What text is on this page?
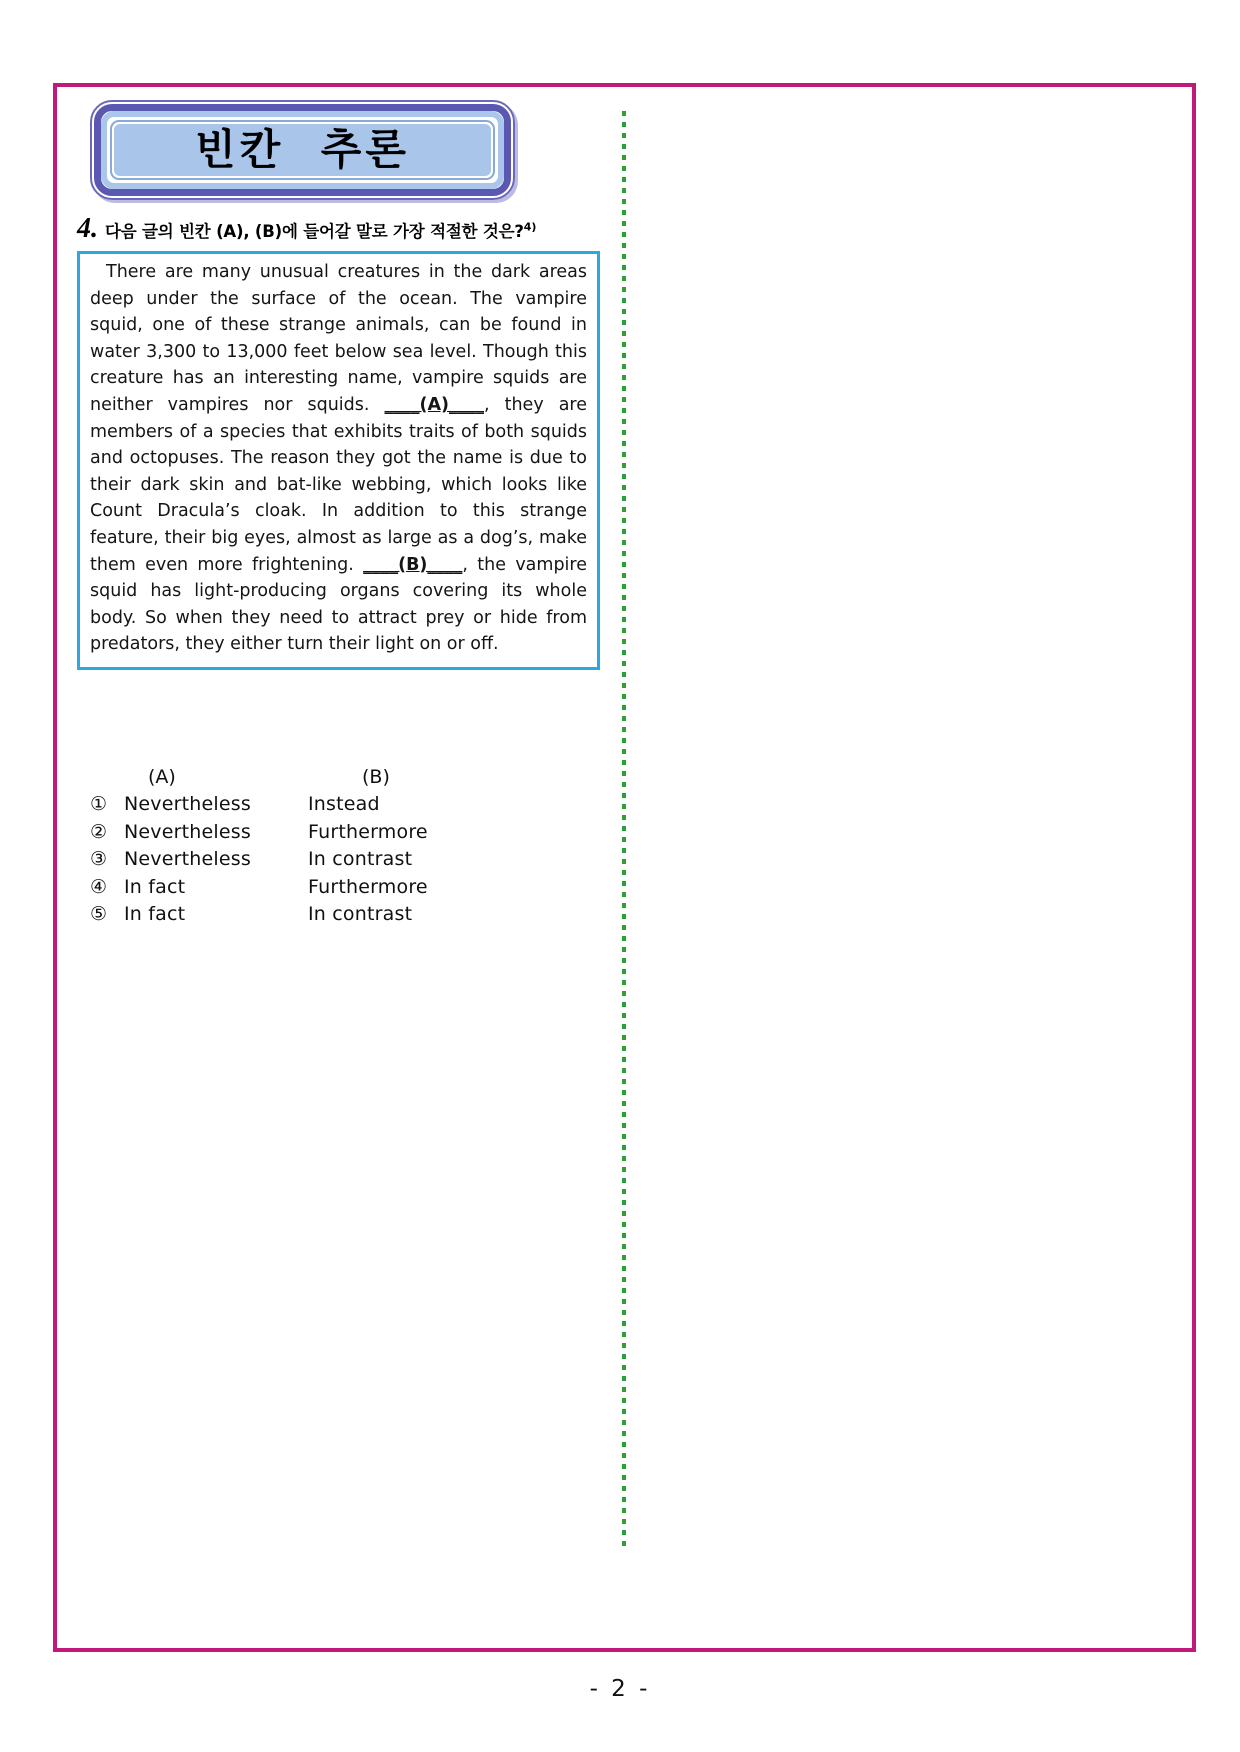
빈칸 추론
4. 다음 글의 빈칸 (A), (B)에 들어갈 말로 가장 적절한 것은?$^{4)}$

There are many unusual creatures in the dark areas deep under the surface of the ocean. The vampire squid, one of these strange animals, can be found in water 3,300 to 13,000 feet below sea level. Though this creature has an interesting name, vampire squids are neither vampires nor squids. ____(A)____, they are members of a species that exhibits traits of both squids and octopuses. The reason they got the name is due to their dark skin and bat-like webbing, which looks like Count Dracula’s cloak. In addition to this strange feature, their big eyes, almost as large as a dog’s, make them even more frightening. ____(B)____, the vampire squid has light-producing organs covering its whole body. So when they need to attract prey or hide from predators, they either turn their light on or off.

(A)	(B)
① Nevertheless	Instead
② Nevertheless	Furthermore
③ Nevertheless	In contrast
④ In fact	Furthermore
⑤ In fact	In contrast
- 2 -
